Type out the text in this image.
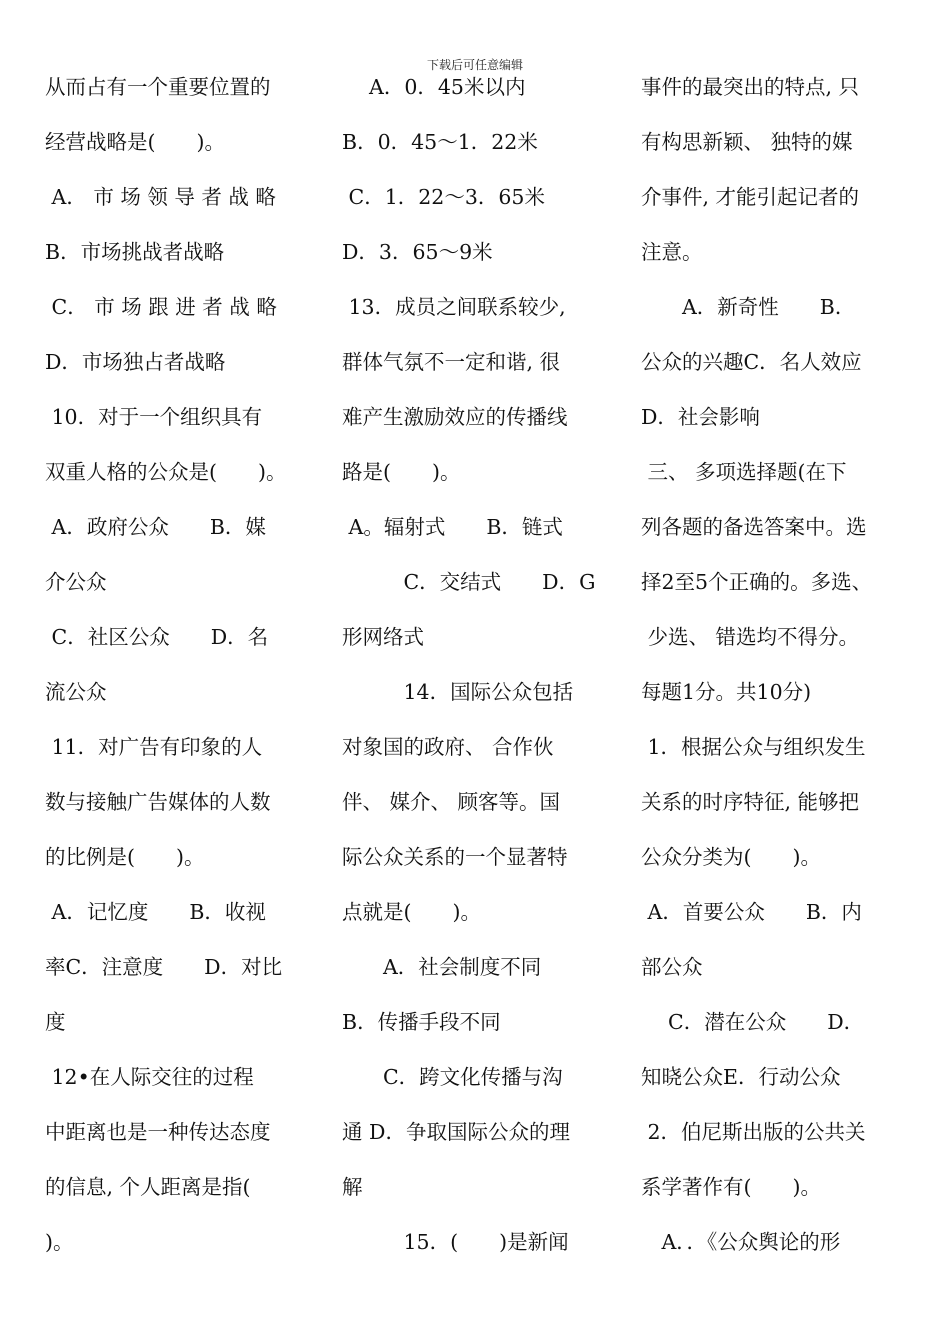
下载后可任意编辑
从而占有一个重要位置的
经营战略是(　　)。
A． 市 场 领 导 者 战 略
B．市场挑战者战略
C． 市 场 跟 进 者 战 略
D．市场独占者战略
10．对于一个组织具有
双重人格的公众是(　　)。
A．政府公众　　B．媒
介公众
C．社区公众　　D．名
流公众
11．对广告有印象的人
数与接触广告媒体的人数
的比例是(　　)。
A．记忆度　　B．收视
率C．注意度　　D．对比
度
12•在人际交往的过程
中距离也是一种传达态度
的信息, 个人距离是指(
)。
　 A．0．45米以内
B．0．45～1．22米
C．1．22～3．65米
D．3．65～9米
13．成员之间联系较少,
群体气氛不一定和谐, 很
难产生激励效应的传播线
路是(　　)。
A。辐射式　　B．链式
　　　C．交结式　　D．G
形网络式
　　　14．国际公众包括
对象国的政府、 合作伙
伴、 媒介、 顾客等。国
际公众关系的一个显著特
点就是(　　)。
　　A．社会制度不同
B．传播手段不同
　　C．跨文化传播与沟
通 D．争取国际公众的理
解
　　　15．(　　)是新闻
事件的最突出的特点, 只
有构思新颖、 独特的媒
介事件, 才能引起记者的
注意。
　　A．新奇性　　B．
公众的兴趣C．名人效应
D．社会影响
三、 多项选择题(在下
列各题的备选答案中。选
择2至5个正确的。多选、
少选、 错选均不得分。
每题1分。共10分)
1．根据公众与组织发生
关系的时序特征, 能够把
公众分类为(　　)。
A．首要公众　　B．内
部公众
　 C．潜在公众　　D．
知晓公众E．行动公众
2．伯尼斯出版的公共关
系学著作有(　　)。
　A．．《公众舆论的形
